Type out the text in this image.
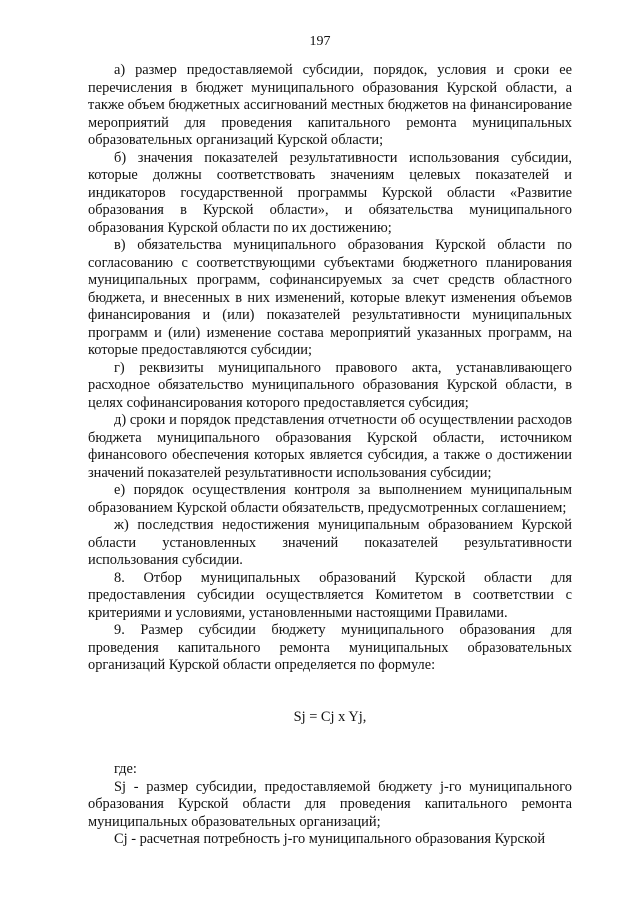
197

а) размер предоставляемой субсидии, порядок, условия и сроки ее перечисления в бюджет муниципального образования Курской области, а также объем бюджетных ассигнований местных бюджетов на финансирование мероприятий для проведения капитального ремонта муниципальных образовательных организаций Курской области;

б) значения показателей результативности использования субсидии, которые должны соответствовать значениям целевых показателей и индикаторов государственной программы Курской области «Развитие образования в Курской области», и обязательства муниципального образования Курской области по их достижению;

в) обязательства муниципального образования Курской области по согласованию с соответствующими субъектами бюджетного планирования муниципальных программ, софинансируемых за счет средств областного бюджета, и внесенных в них изменений, которые влекут изменения объемов финансирования и (или) показателей результативности муниципальных программ и (или) изменение состава мероприятий указанных программ, на которые предоставляются субсидии;

г) реквизиты муниципального правового акта, устанавливающего расходное обязательство муниципального образования Курской области, в целях софинансирования которого предоставляется субсидия;

д) сроки и порядок представления отчетности об осуществлении расходов бюджета муниципального образования Курской области, источником финансового обеспечения которых является субсидия, а также о достижении значений показателей результативности использования субсидии;

е) порядок осуществления контроля за выполнением муниципальным образованием Курской области обязательств, предусмотренных соглашением;

ж) последствия недостижения муниципальным образованием Курской области установленных значений показателей результативности использования субсидии.

8. Отбор муниципальных образований Курской области для предоставления субсидии осуществляется Комитетом в соответствии с критериями и условиями, установленными настоящими Правилами.

9. Размер субсидии бюджету муниципального образования для проведения капитального ремонта муниципальных образовательных организаций Курской области определяется по формуле:

Sj = Cj x Yj,

где:

Sj - размер субсидии, предоставляемой бюджету j-го муниципального образования Курской области для проведения капитального ремонта муниципальных образовательных организаций;

Cj - расчетная потребность j-го муниципального образования Курской
